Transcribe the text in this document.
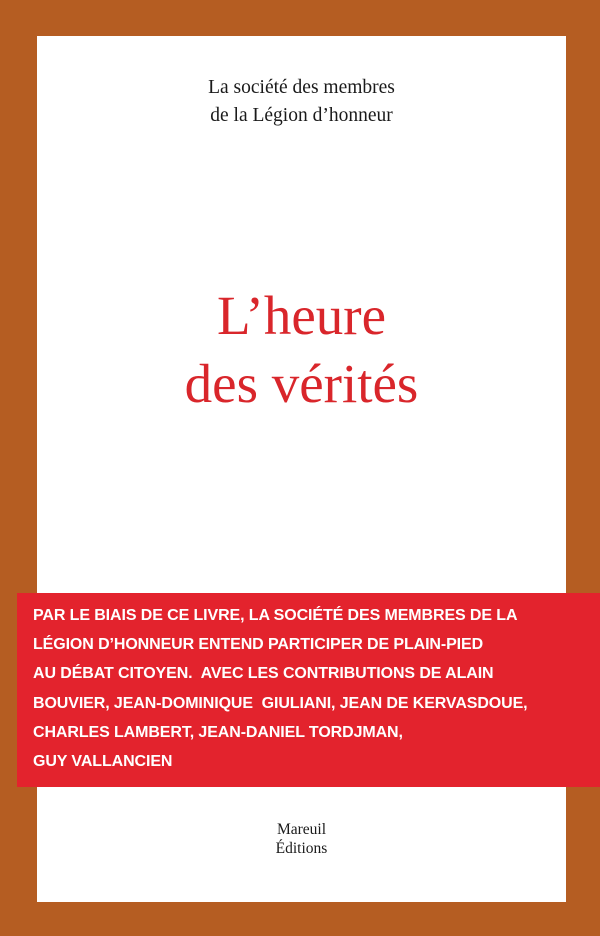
La société des membres
de la Légion d’honneur
L’heure
des vérités
Mareuil
Éditions
PAR LE BIAIS DE CE LIVRE, LA SOCIÉTÉ DES MEMBRES DE LA
LÉGION D’HONNEUR ENTEND PARTICIPER DE PLAIN-PIED
AU DÉBAT CITOYEN.  AVEC LES CONTRIBUTIONS DE ALAIN
BOUVIER, JEAN-DOMINIQUE  GIULIANI, JEAN DE KERVASDOUE,
CHARLES LAMBERT, JEAN-DANIEL TORDJMAN,
GUY VALLANCIEN
